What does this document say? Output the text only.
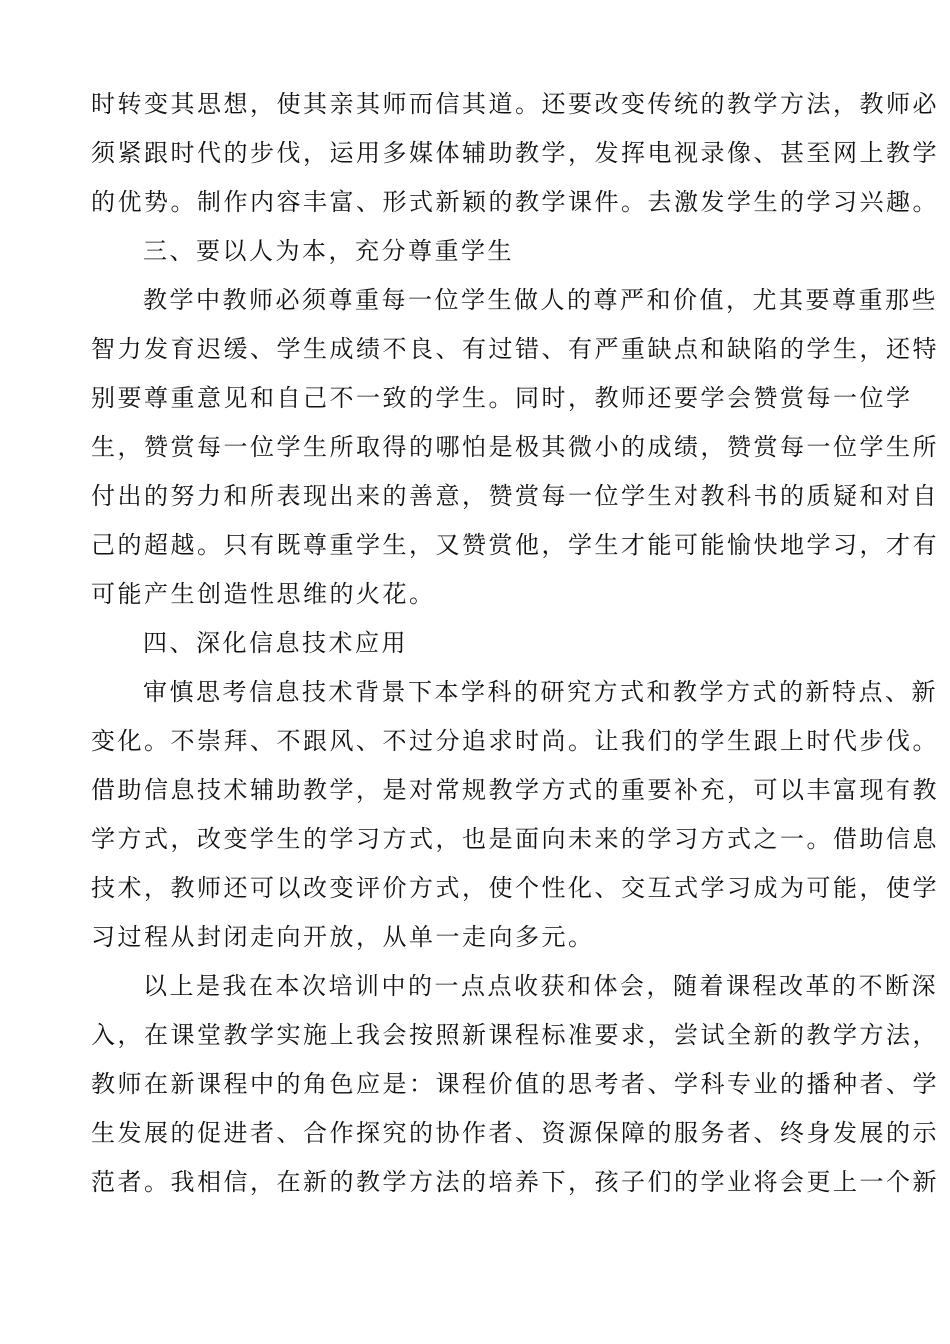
时转变其思想，使其亲其师而信其道。还要改变传统的教学方法，教师必
须紧跟时代的步伐，运用多媒体辅助教学，发挥电视录像、甚至网上教学
的优势。制作内容丰富、形式新颖的教学课件。去激发学生的学习兴趣。
三、要以人为本，充分尊重学生
教学中教师必须尊重每一位学生做人的尊严和价值，尤其要尊重那些
智力发育迟缓、学生成绩不良、有过错、有严重缺点和缺陷的学生，还特
别要尊重意见和自己不一致的学生。同时，教师还要学会赞赏每一位学
生，赞赏每一位学生所取得的哪怕是极其微小的成绩，赞赏每一位学生所
付出的努力和所表现出来的善意，赞赏每一位学生对教科书的质疑和对自
己的超越。只有既尊重学生，又赞赏他，学生才能可能愉快地学习，才有
可能产生创造性思维的火花。
四、深化信息技术应用
审慎思考信息技术背景下本学科的研究方式和教学方式的新特点、新
变化。不崇拜、不跟风、不过分追求时尚。让我们的学生跟上时代步伐。
借助信息技术辅助教学，是对常规教学方式的重要补充，可以丰富现有教
学方式，改变学生的学习方式，也是面向未来的学习方式之一。借助信息
技术，教师还可以改变评价方式，使个性化、交互式学习成为可能，使学
习过程从封闭走向开放，从单一走向多元。
以上是我在本次培训中的一点点收获和体会，随着课程改革的不断深
入，在课堂教学实施上我会按照新课程标准要求，尝试全新的教学方法，
教师在新课程中的角色应是：课程价值的思考者、学科专业的播种者、学
生发展的促进者、合作探究的协作者、资源保障的服务者、终身发展的示
范者。我相信，在新的教学方法的培养下，孩子们的学业将会更上一个新
